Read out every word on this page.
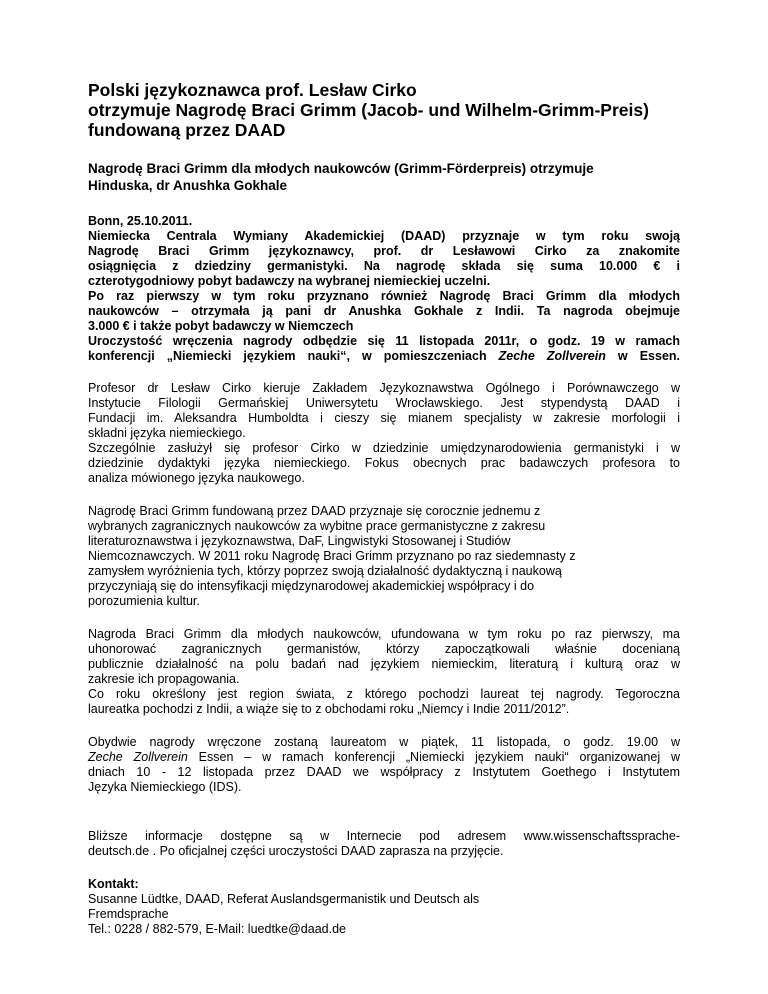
Polski językoznawca prof. Lesław Cirko
otrzymuje Nagrodę Braci Grimm (Jacob- und Wilhelm-Grimm-Preis)
fundowaną przez DAAD
Nagrodę Braci Grimm dla młodych naukowców (Grimm-Förderpreis) otrzymuje
Hinduska, dr Anushka Gokhale
Bonn, 25.10.2011.
Niemiecka Centrala Wymiany Akademickiej (DAAD) przyznaje w tym roku swoją
Nagrodę Braci Grimm językoznawcy, prof. dr Lesławowi Cirko za znakomite
osiągnięcia z dziedziny germanistyki. Na nagrodę składa się suma 10.000 € i
czterotygodniowy pobyt badawczy na wybranej niemieckiej uczelni.
Po raz pierwszy w tym roku przyznano również Nagrodę Braci Grimm dla młodych
naukowców – otrzymała ją pani dr Anushka Gokhale z Indii. Ta nagroda obejmuje
3.000 € i także pobyt badawczy w Niemczech
Uroczystość wręczenia nagrody odbędzie się 11 listopada 2011r, o godz. 19 w ramach
konferencji „Niemiecki językiem nauki“, w pomieszczeniach Zeche Zollverein w Essen.
Profesor dr Lesław Cirko kieruje Zakładem Językoznawstwa Ogólnego i Porównawczego w
Instytucie Filologii Germańskiej Uniwersytetu Wrocławskiego. Jest stypendystą DAAD i
Fundacji im. Aleksandra Humboldta i cieszy się mianem specjalisty w zakresie morfologii i
składni języka niemieckiego.
Szczególnie zasłużył się profesor Cirko w dziedzinie umiędzynarodowienia germanistyki i w
dziedzinie dydaktyki języka niemieckiego. Fokus obecnych prac badawczych profesora to
analiza mówionego języka naukowego.
Nagrodę Braci Grimm fundowaną przez DAAD przyznaje się corocznie jednemu z
wybranych zagranicznych naukowców za wybitne prace germanistyczne z zakresu
literaturoznawstwa i językoznawstwa, DaF, Lingwistyki Stosowanej i Studiów
Niemcoznawczych. W 2011 roku Nagrodę Braci Grimm przyznano po raz siedemnasty z
zamysłem wyróżnienia tych, którzy poprzez swoją działalność dydaktyczną i naukową
przyczyniają się do intensyfikacji międzynarodowej akademickiej współpracy i do
porozumienia kultur.
Nagroda Braci Grimm dla młodych naukowców, ufundowana w tym roku po raz pierwszy, ma
uhonorować zagranicznych germanistów, którzy zapoczątkowali właśnie docenianą
publicznie działalność na polu badań nad językiem niemieckim, literaturą i kulturą oraz w
zakresie ich propagowania.
Co roku określony jest region świata, z którego pochodzi laureat tej nagrody. Tegoroczna
laureatka pochodzi z Indii, a wiąże się to z obchodami roku „Niemcy i Indie 2011/2012”.
Obydwie nagrody wręczone zostaną laureatom w piątek, 11 listopada, o godz. 19.00 w
Zeche Zollverein Essen – w ramach konferencji „Niemiecki językiem nauki“ organizowanej w
dniach 10 - 12 listopada przez DAAD we współpracy z Instytutem Goethego i Instytutem
Języka Niemieckiego (IDS).
Bliższe informacje dostępne są w Internecie pod adresem www.wissenschaftssprache-
deutsch.de . Po oficjalnej części uroczystości DAAD zaprasza na przyjęcie.
Kontakt:
Susanne Lüdtke, DAAD, Referat Auslandsgermanistik und Deutsch als
Fremdsprache
Tel.: 0228 / 882-579, E-Mail: luedtke@daad.de
